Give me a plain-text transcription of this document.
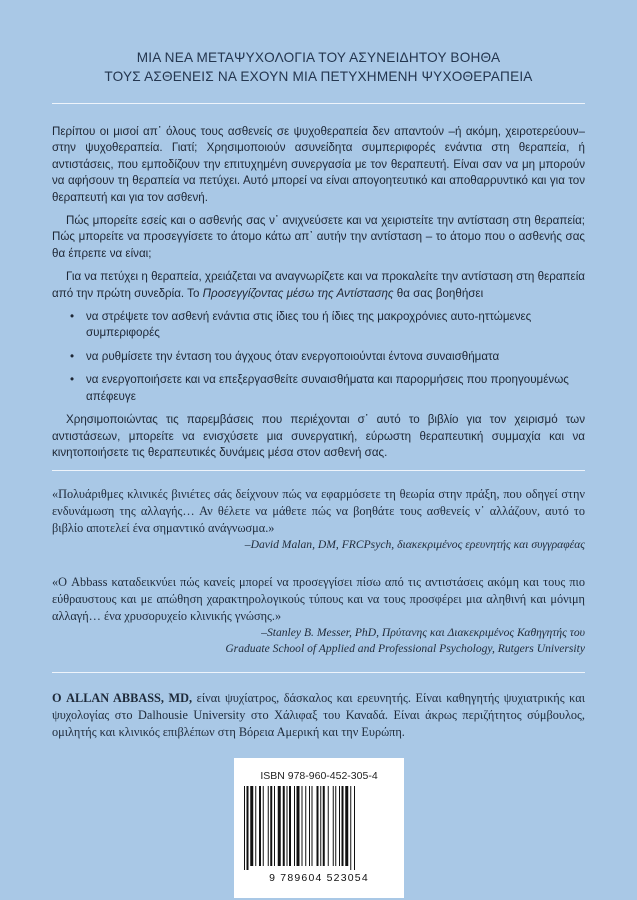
ΜΙΑ ΝΕΑ ΜΕΤΑΨΥΧΟΛΟΓΙΑ ΤΟΥ ΑΣΥΝΕΙΔΗΤΟΥ ΒΟΗΘΑ
ΤΟΥΣ ΑΣΘΕΝΕΙΣ ΝΑ ΕΧΟΥΝ ΜΙΑ ΠΕΤΥΧΗΜΕΝΗ ΨΥΧΟΘΕΡΑΠΕΙΑ

Περίπου οι μισοί απ᾽ όλους τους ασθενείς σε ψυχοθεραπεία δεν απαντούν –ή ακόμη, χειροτερεύουν– στην ψυχοθεραπεία. Γιατί; Χρησιμοποιούν ασυνείδητα συμπεριφορές ενάντια στη θεραπεία, ή αντιστάσεις, που εμποδίζουν την επιτυχημένη συνεργασία με τον θεραπευτή. Είναι σαν να μη μπορούν να αφήσουν τη θεραπεία να πετύχει. Αυτό μπορεί να είναι απογοητευτικό και αποθαρρυντικό και για τον θεραπευτή και για τον ασθενή.

Πώς μπορείτε εσείς και ο ασθενής σας ν᾽ ανιχνεύσετε και να χειριστείτε την αντίσταση στη θεραπεία; Πώς μπορείτε να προσεγγίσετε το άτομο κάτω απ᾽ αυτήν την αντίσταση – το άτομο που ο ασθενής σας θα έπρεπε να είναι;

Για να πετύχει η θεραπεία, χρειάζεται να αναγνωρίζετε και να προκαλείτε την αντίσταση στη θεραπεία από την πρώτη συνεδρία. Το Προσεγγίζοντας μέσω της Αντίστασης θα σας βοηθήσει

• να στρέψετε τον ασθενή ενάντια στις ίδιες του ή ίδιες της μακροχρόνιες αυτο-ηττώμενες συμπεριφορές
• να ρυθμίσετε την ένταση του άγχους όταν ενεργοποιούνται έντονα συναισθήματα
• να ενεργοποιήσετε και να επεξεργασθείτε συναισθήματα και παρορμήσεις που προηγουμένως απέφευγε

Χρησιμοποιώντας τις παρεμβάσεις που περιέχονται σ᾽ αυτό το βιβλίο για τον χειρισμό των αντιστάσεων, μπορείτε να ενισχύσετε μια συνεργατική, εύρωστη θεραπευτική συμμαχία και να κινητοποιήσετε τις θεραπευτικές δυνάμεις μέσα στον ασθενή σας.

«Πολυάριθμες κλινικές βινιέτες σάς δείχνουν πώς να εφαρμόσετε τη θεωρία στην πράξη, που οδηγεί στην ενδυνάμωση της αλλαγής… Αν θέλετε να μάθετε πώς να βοηθάτε τους ασθενείς ν᾽ αλλάζουν, αυτό το βιβλίο αποτελεί ένα σημαντικό ανάγνωσμα.»
–David Malan, DM, FRCPsych, διακεκριμένος ερευνητής και συγγραφέας
«Ο Abbass καταδεικνύει πώς κανείς μπορεί να προσεγγίσει πίσω από τις αντιστάσεις ακόμη και τους πιο εύθραυστους και με απώθηση χαρακτηρολογικούς τύπους και να τους προσφέρει μια αληθινή και μόνιμη αλλαγή… ένα χρυσορυχείο κλινικής γνώσης.»
–Stanley B. Messer, PhD, Πρύτανης και Διακεκριμένος Καθηγητής του
Graduate School of Applied and Professional Psychology, Rutgers University
Ο ALLAN ABBASS, MD, είναι ψυχίατρος, δάσκαλος και ερευνητής. Είναι καθηγητής ψυχιατρικής και ψυχολογίας στο Dalhousie University στο Χάλιφαξ του Καναδά. Είναι άκρως περιζήτητος σύμβουλος, ομιλητής και κλινικός επιβλέπων στη Βόρεια Αμερική και την Ευρώπη.
ISBN 978-960-452-305-4
9 789604 523054
